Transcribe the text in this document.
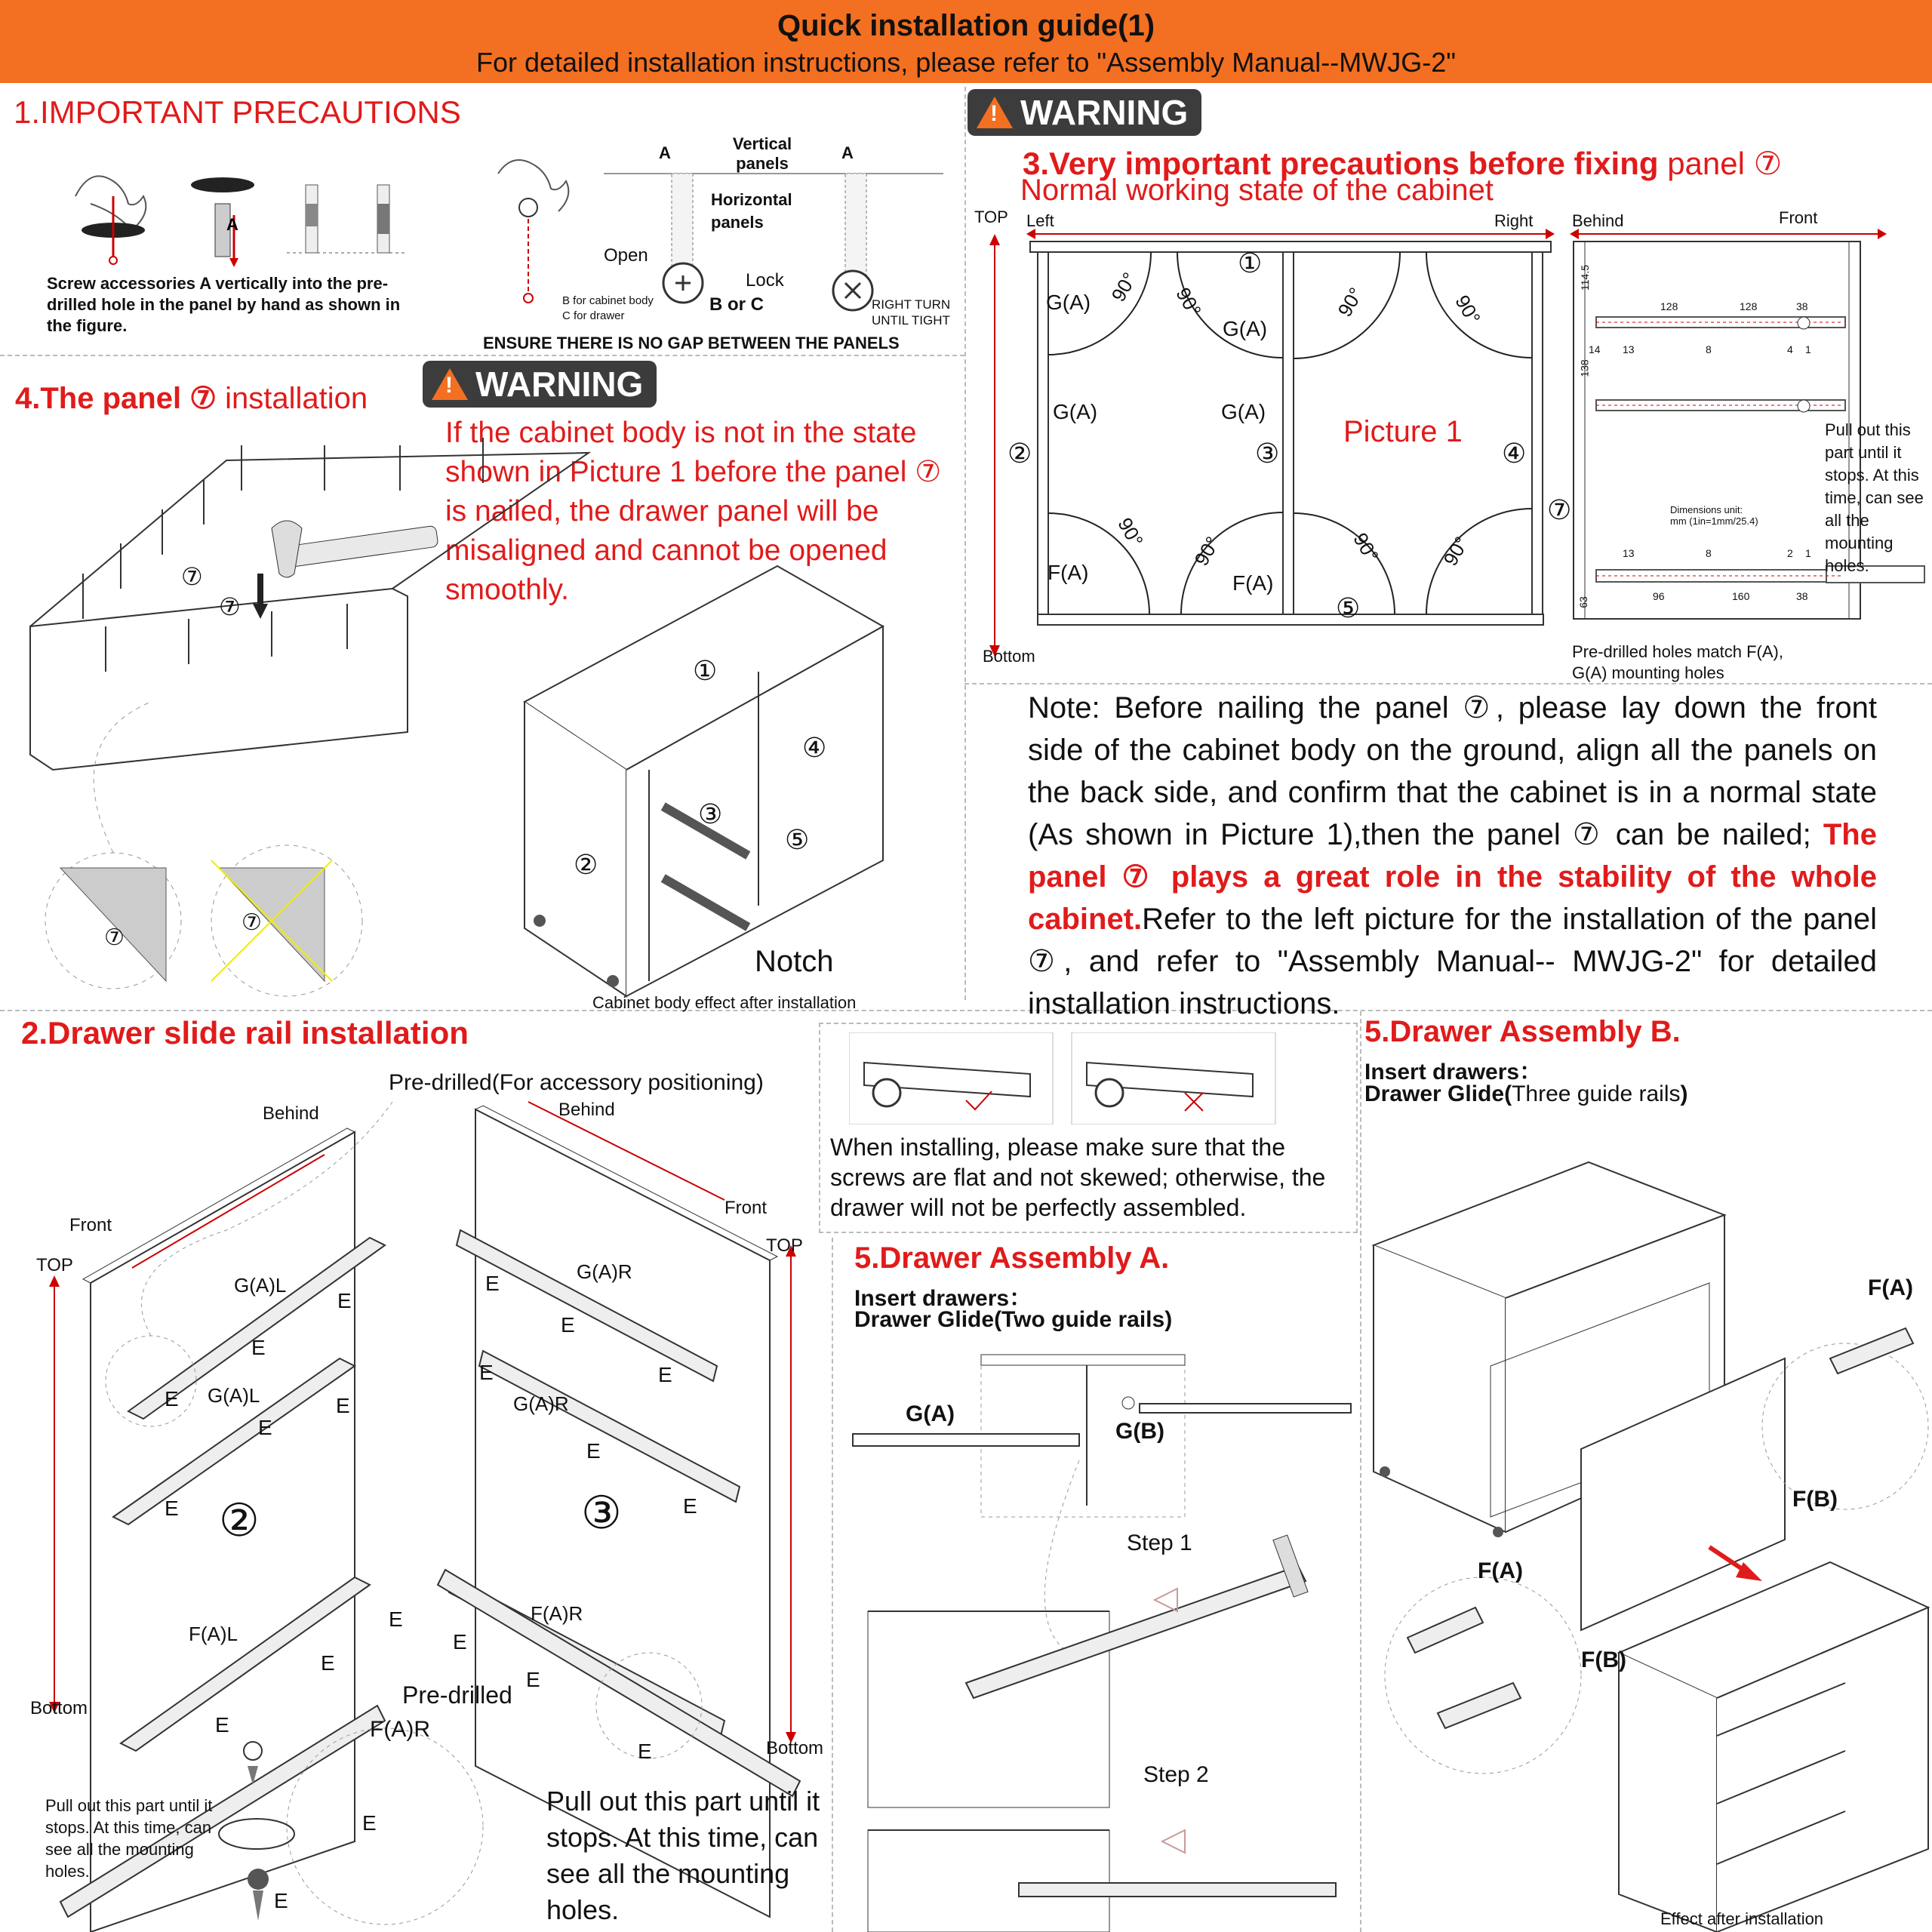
Quick installation guide(1)
For detailed installation instructions, please refer to "Assembly Manual--MWJG-2"
1.IMPORTANT PRECAUTIONS
A
Screw accessories A vertically into the pre-drilled hole in the panel by hand as shown in the figure.
Vertical panels
Horizontal panels
A	A
Open
Lock
B for cabinet body
C for drawer
B or C	RIGHT TURN UNTIL TIGHT
ENSURE THERE IS NO GAP BETWEEN THE PANELS
! WARNING
3.Very important precautions before fixing panel ⑦
Normal working state of the cabinet
TOP
Bottom
Left	Right Behind	Front
Picture 1
①
②	③	④
⑤
⑦
G(A)
G(A)
G(A)	G(A)
F(A)	F(A)
90° 90°	90°	90°
90°
90°	90°	90°
114.5
138
63
128	128	38
14 13	8	4 1
13	8	2 1
96	160	38
Dimensions unit: mm (1in=1mm/25.4)
Pull out this part until it stops. At this time, can see all the mounting holes.
Pre-drilled holes match F(A), G(A) mounting holes
4.The panel ⑦ installation	! WARNING
If the cabinet body is not in the state shown in Picture 1 before the panel ⑦ is nailed, the drawer panel will be misaligned and cannot be opened smoothly.
⑦
⑦
⑦
⑦
①
②
③
④
⑤
Notch
Cabinet body effect after installation
Note: Before nailing the panel ⑦, please lay down the front side of the cabinet body on the ground, align all the panels on the back side, and confirm that the cabinet is in a normal state (As shown in Picture 1),then the panel ⑦ can be nailed; The panel ⑦ plays a great role in the stability of the whole cabinet.Refer to the left picture for the installation of the panel ⑦, and refer to "Assembly Manual-- MWJG-2" for detailed installation instructions.
2.Drawer slide rail installation
Pre-drilled(For accessory positioning)
Behind	Behind
Front
Front
TOP
TOP
Bottom
Bottom
G(A)L
G(A)L
G(A)R
G(A)R
F(A)L
F(A)R
F(A)R
Pre-drilled
②	③
E
E
E	E
E
E
E
E
E	E
E
E
E
E
E
E
E
E
E
E
Pull out this part until it stops. At this time, can see all the mounting holes.
Pull out this part until it stops. At this time, can see all the mounting holes.
When installing, please make sure that the screws are flat and not skewed; otherwise, the drawer will not be perfectly assembled.
5.Drawer Assembly A.
Insert drawers：
Drawer Glide(Two guide rails)
G(A)
G(B)
Step 1
Step 2
5.Drawer Assembly B.
Insert drawers：
Drawer Glide(Three guide rails)
F(A)
F(B)
F(A)
F(B)
Effect after installation
